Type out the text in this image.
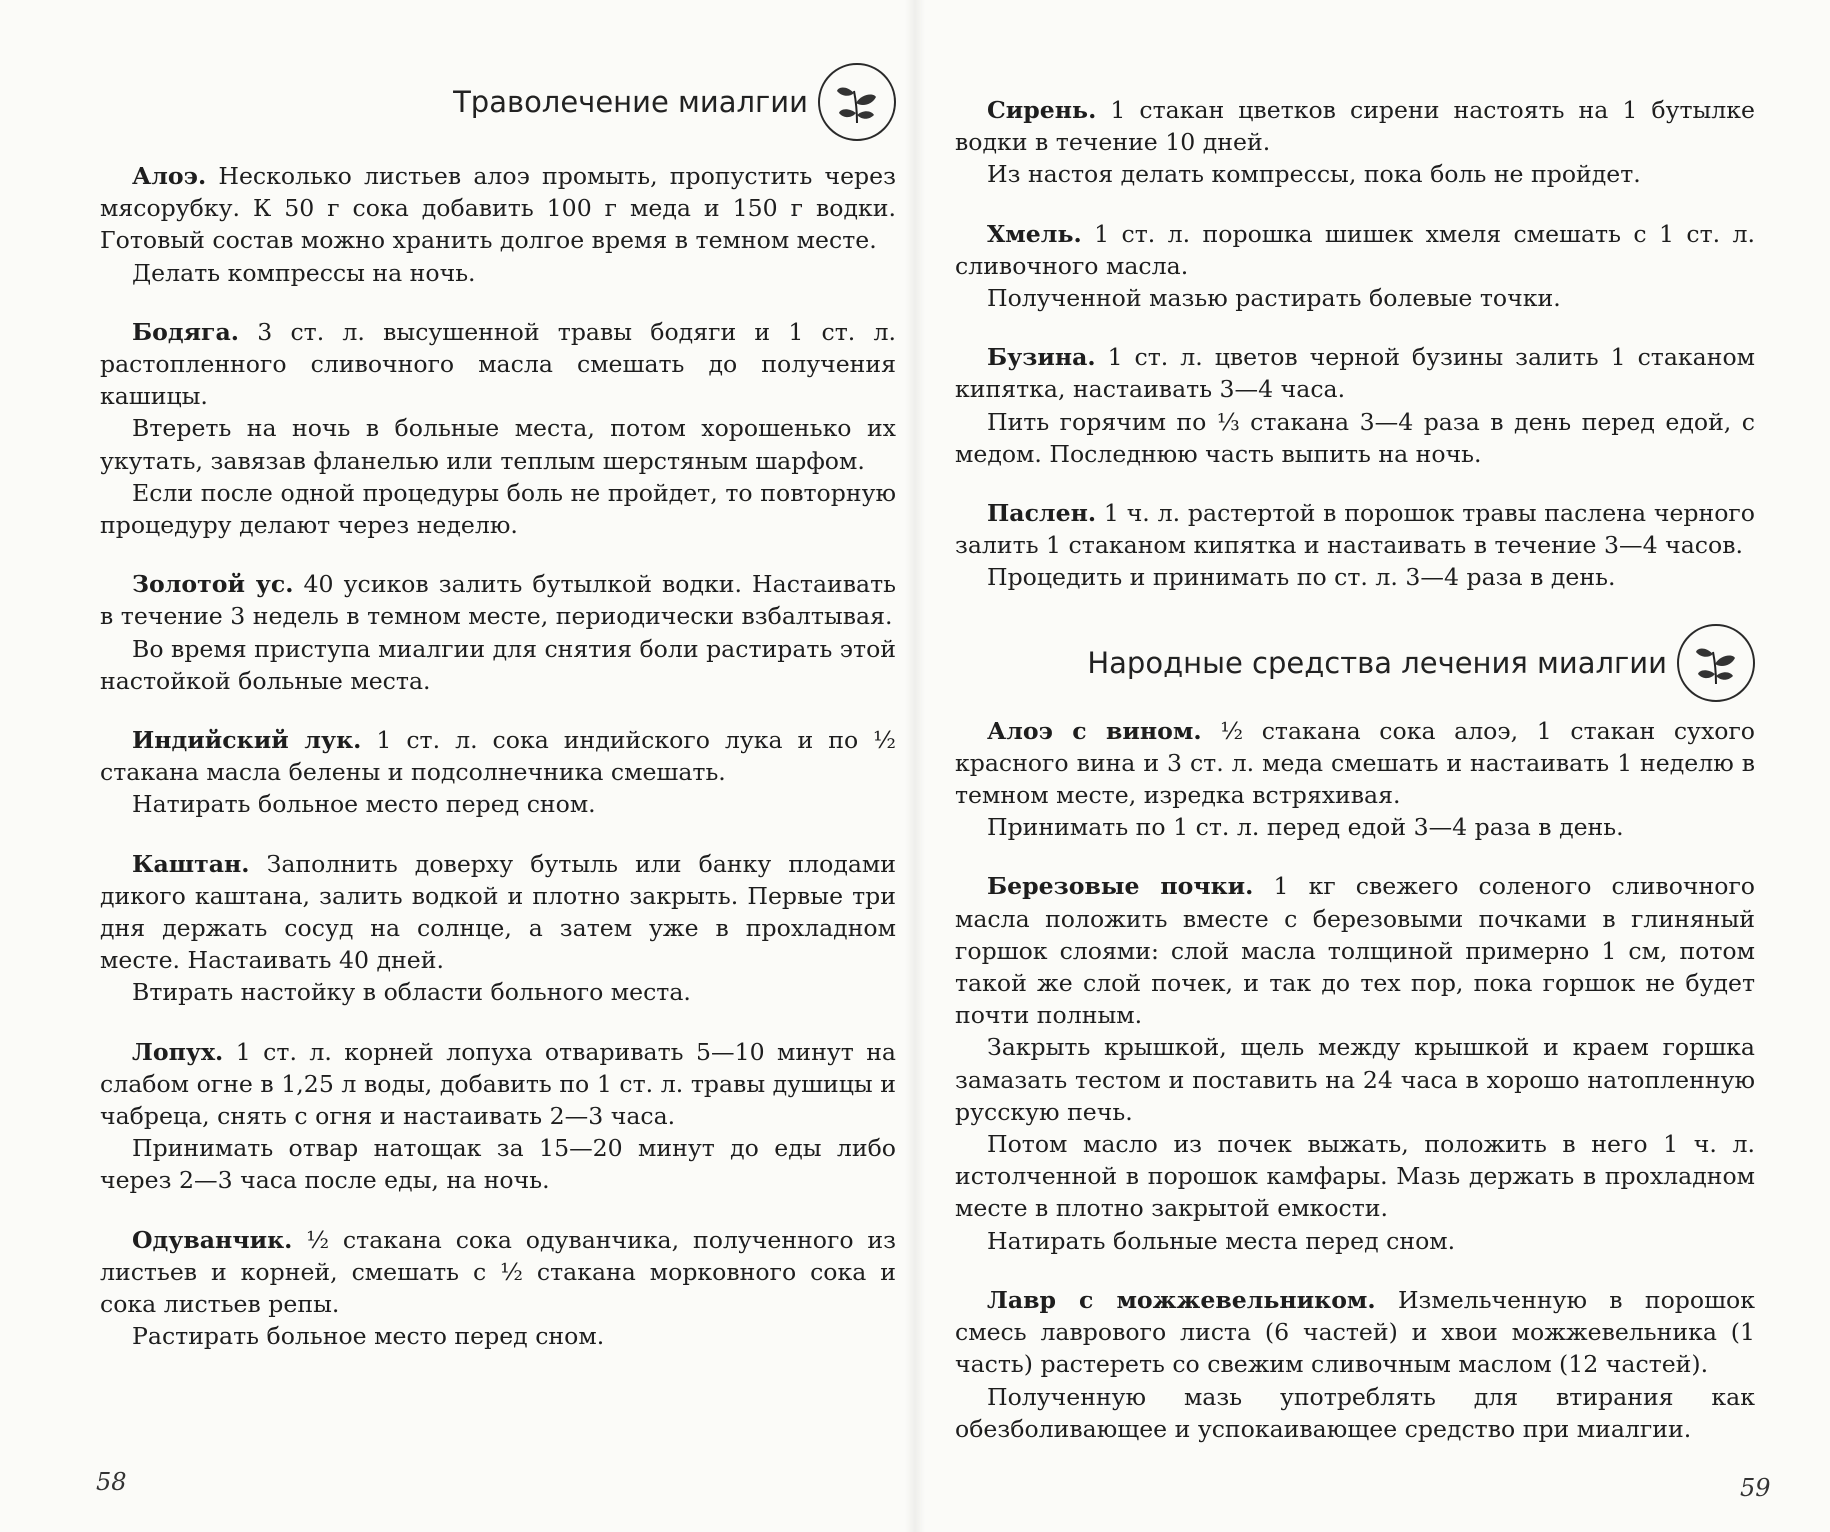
Траволечение миалгии

Алоэ. Несколько листьев алоэ промыть, пропустить через мясорубку. К 50 г сока добавить 100 г меда и 150 г водки. Готовый состав можно хранить долгое время в темном месте.

Делать компрессы на ночь.

Бодяга. 3 ст. л. высушенной травы бодяги и 1 ст. л. растопленного сливочного масла смешать до получения кашицы.

Втереть на ночь в больные места, потом хорошенько их укутать, завязав фланелью или теплым шерстяным шарфом.

Если после одной процедуры боль не пройдет, то повторную процедуру делают через неделю.

Золотой ус. 40 усиков залить бутылкой водки. Настаивать в течение 3 недель в темном месте, периодически взбалтывая.

Во время приступа миалгии для снятия боли растирать этой настойкой больные места.

Индийский лук. 1 ст. л. сока индийского лука и по ½ стакана масла белены и подсолнечника смешать.

Натирать больное место перед сном.

Каштан. Заполнить доверху бутыль или банку плодами дикого каштана, залить водкой и плотно закрыть. Первые три дня держать сосуд на солнце, а затем уже в прохладном месте. Настаивать 40 дней.

Втирать настойку в области больного места.

Лопух. 1 ст. л. корней лопуха отваривать 5—10 минут на слабом огне в 1,25 л воды, добавить по 1 ст. л. травы душицы и чабреца, снять с огня и настаивать 2—3 часа.

Принимать отвар натощак за 15—20 минут до еды либо через 2—3 часа после еды, на ночь.

Одуванчик. ½ стакана сока одуванчика, полученного из листьев и корней, смешать с ½ стакана морковного сока и сока листьев репы.

Растирать больное место перед сном.

58

Сирень. 1 стакан цветков сирени настоять на 1 бутылке водки в течение 10 дней.

Из настоя делать компрессы, пока боль не пройдет.

Хмель. 1 ст. л. порошка шишек хмеля смешать с 1 ст. л. сливочного масла.

Полученной мазью растирать болевые точки.

Бузина. 1 ст. л. цветов черной бузины залить 1 стаканом кипятка, настаивать 3—4 часа.

Пить горячим по ⅓ стакана 3—4 раза в день перед едой, с медом. Последнюю часть выпить на ночь.

Паслен. 1 ч. л. растертой в порошок травы паслена черного залить 1 стаканом кипятка и настаивать в течение 3—4 часов.

Процедить и принимать по ст. л. 3—4 раза в день.

Народные средства лечения миалгии

Алоэ с вином. ½ стакана сока алоэ, 1 стакан сухого красного вина и 3 ст. л. меда смешать и настаивать 1 неделю в темном месте, изредка встряхивая.

Принимать по 1 ст. л. перед едой 3—4 раза в день.

Березовые почки. 1 кг свежего соленого сливочного масла положить вместе с березовыми почками в глиняный горшок слоями: слой масла толщиной примерно 1 см, потом такой же слой почек, и так до тех пор, пока горшок не будет почти полным.

Закрыть крышкой, щель между крышкой и краем горшка замазать тестом и поставить на 24 часа в хорошо натопленную русскую печь.

Потом масло из почек выжать, положить в него 1 ч. л. истолченной в порошок камфары. Мазь держать в прохладном месте в плотно закрытой емкости.

Натирать больные места перед сном.

Лавр с можжевельником. Измельченную в порошок смесь лаврового листа (6 частей) и хвои можжевельника (1 часть) растереть со свежим сливочным маслом (12 частей).

Полученную мазь употреблять для втирания как обезболивающее и успокаивающее средство при миалгии.

59
